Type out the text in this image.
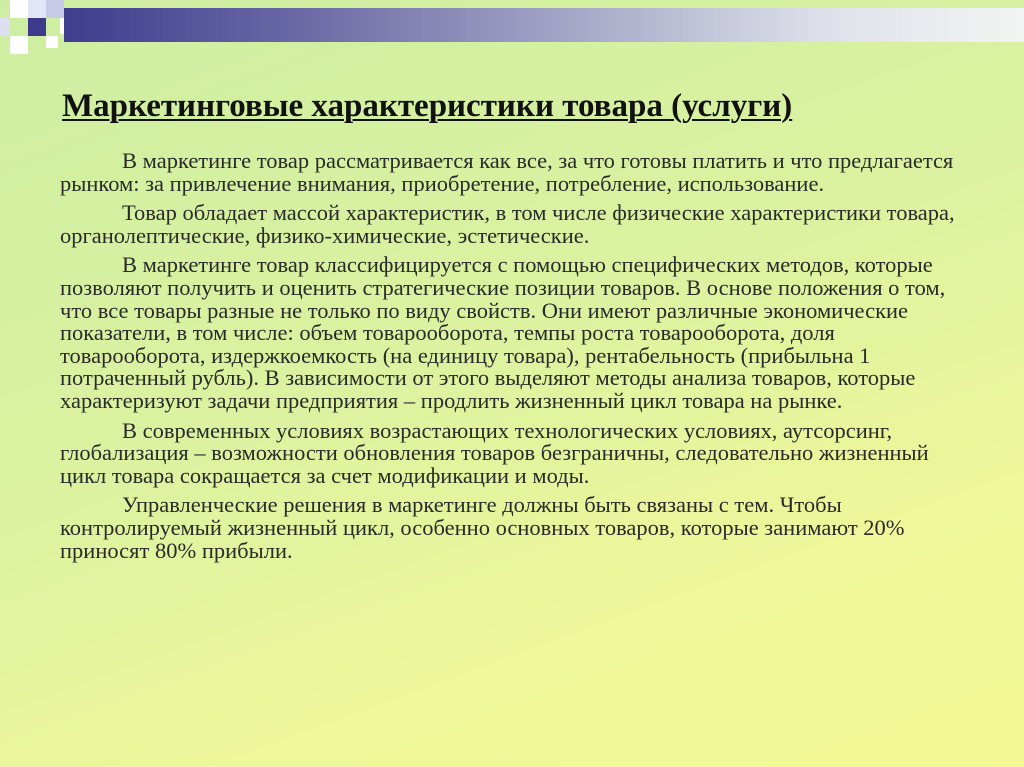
Маркетинговые характеристики товара (услуги)

В маркетинге товар рассматривается как все, за что готовы платить и что предлагается рынком: за привлечение внимания, приобретение, потребление, использование.

Товар обладает массой характеристик, в том числе физические характеристики товара, органолептические, физико-химические, эстетические.

В маркетинге товар классифицируется с помощью специфических методов, которые позволяют получить и оценить стратегические позиции товаров. В основе положения о том, что все товары разные не только по виду свойств. Они имеют различные экономические показатели, в том числе: объем товарооборота, темпы роста товарооборота, доля товарооборота, издержкоемкость (на единицу товара), рентабельность (прибыльна 1 потраченный рубль). В зависимости от этого выделяют методы анализа товаров, которые характеризуют задачи предприятия – продлить жизненный цикл товара на рынке.

В современных условиях возрастающих технологических условиях, аутсорсинг, глобализация – возможности обновления товаров безграничны, следовательно жизненный цикл товара сокращается за счет модификации и моды.

Управленческие решения в маркетинге должны быть связаны с тем. Чтобы контролируемый жизненный цикл, особенно основных товаров, которые занимают 20% приносят 80% прибыли.
